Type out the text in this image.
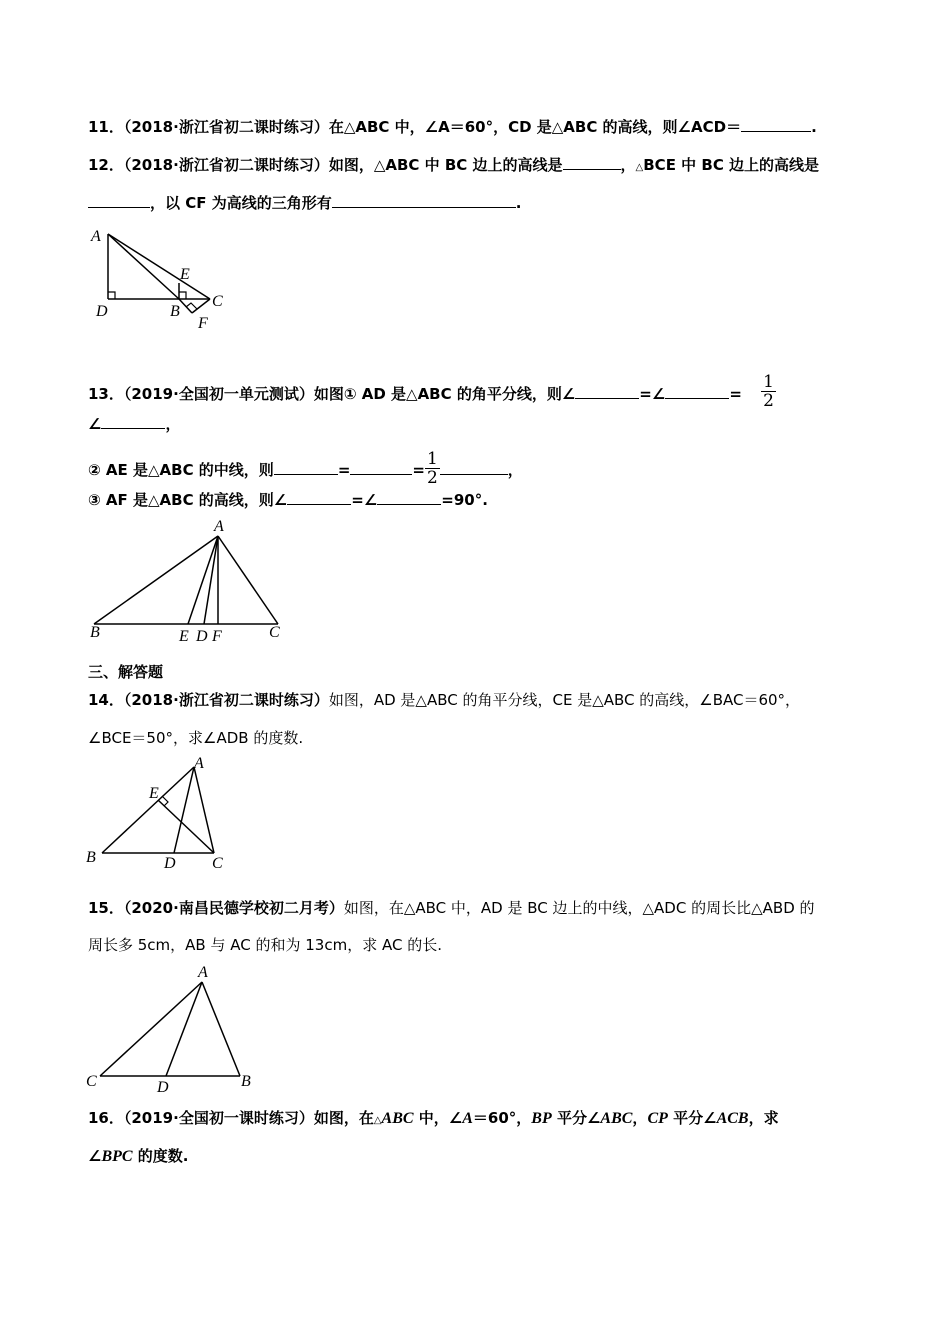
11．（2018·浙江省初二课时练习）在△ABC 中，∠A＝60°，CD 是△ABC 的高线，则∠ACD＝	.
12．（2018·浙江省初二课时练习）如图，△ABC 中 BC 边上的高线是	，△BCE 中 BC 边上的高线是
，以 CF 为高线的三角形有	.
A
E
C
D	B
F
13．（2019·全国初一单元测试）如图① AD 是△ABC 的角平分线，则∠	=∠	= $\frac{1}{2}$
∠	，
② AE 是△ABC 的中线，则	=	= $\frac{1}{2}$	，
③ AF 是△ABC 的高线，则∠	=∠	=90°.
A
B	E D F	C
三、解答题
14．（2018·浙江省初二课时练习）如图，AD 是△ABC 的角平分线，CE 是△ABC 的高线，∠BAC＝60°，
∠BCE＝50°，求∠ADB 的度数.
A
E
B	D C
15．（2020·南昌民德学校初二月考）如图，在△ABC 中，AD 是 BC 边上的中线，△ADC 的周长比△ABD 的
周长多 5cm，AB 与 AC 的和为 13cm，求 AC 的长.
A
C	D	B
16．（2019·全国初一课时练习）如图，在△ABC 中，∠A＝60°，BP 平分∠ABC，CP 平分∠ACB，求
∠BPC 的度数.
